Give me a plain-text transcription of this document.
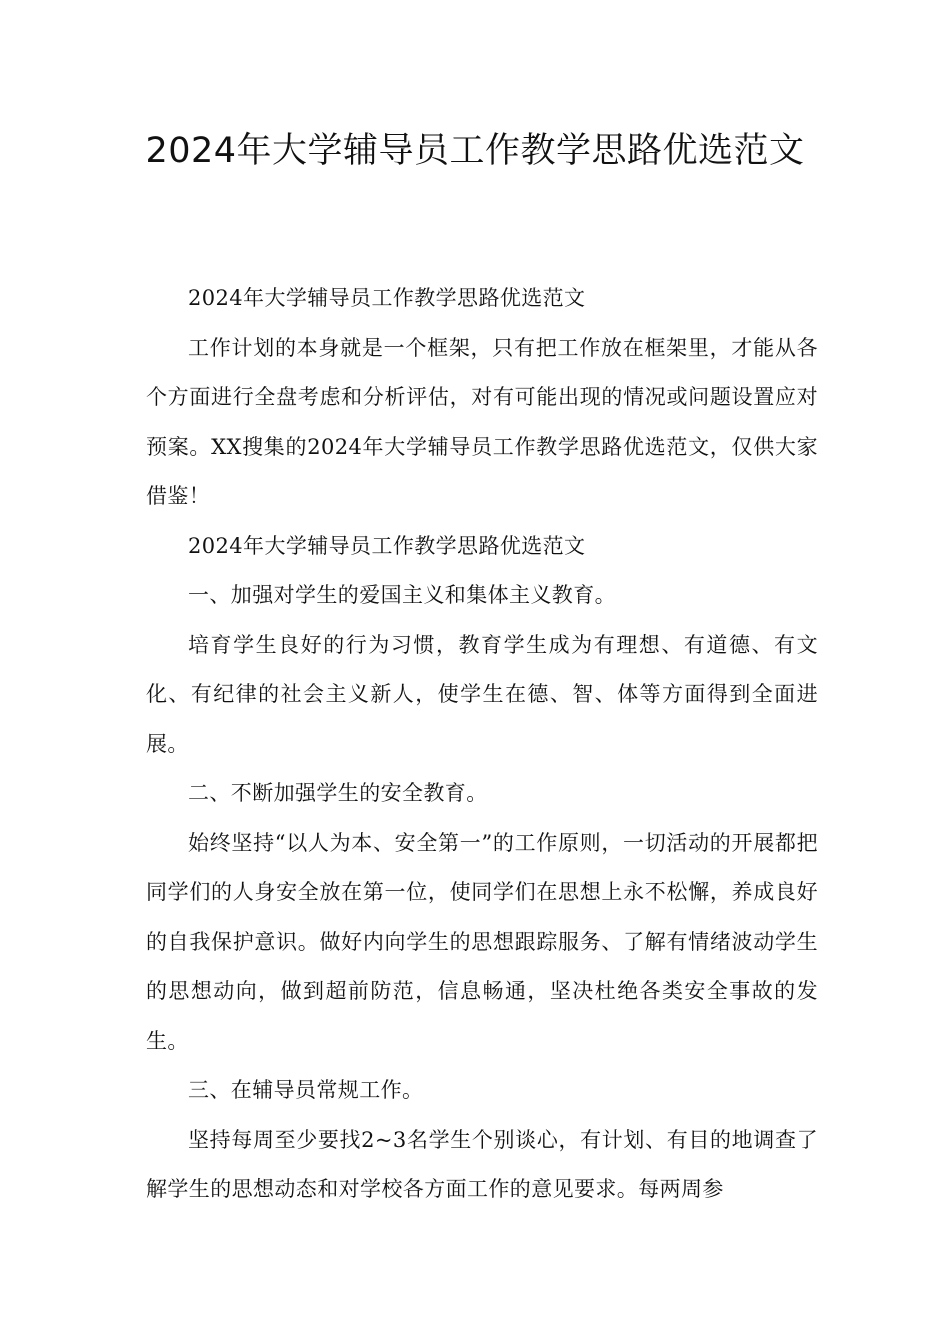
2024年大学辅导员工作教学思路优选范文

2024年大学辅导员工作教学思路优选范文

工作计划的本身就是一个框架，只有把工作放在框架里，才能从各个方面进行全盘考虑和分析评估，对有可能出现的情况或问题设置应对预案。XX搜集的2024年大学辅导员工作教学思路优选范文，仅供大家借鉴！

2024年大学辅导员工作教学思路优选范文

一、加强对学生的爱国主义和集体主义教育。

培育学生良好的行为习惯，教育学生成为有理想、有道德、有文化、有纪律的社会主义新人，使学生在德、智、体等方面得到全面进展。

二、不断加强学生的安全教育。

始终坚持“以人为本、安全第一”的工作原则，一切活动的开展都把同学们的人身安全放在第一位，使同学们在思想上永不松懈，养成良好的自我保护意识。做好内向学生的思想跟踪服务、了解有情绪波动学生的思想动向，做到超前防范，信息畅通，坚决杜绝各类安全事故的发生。

三、在辅导员常规工作。

坚持每周至少要找2~3名学生个别谈心，有计划、有目的地调查了解学生的思想动态和对学校各方面工作的意见要求。每两周参
